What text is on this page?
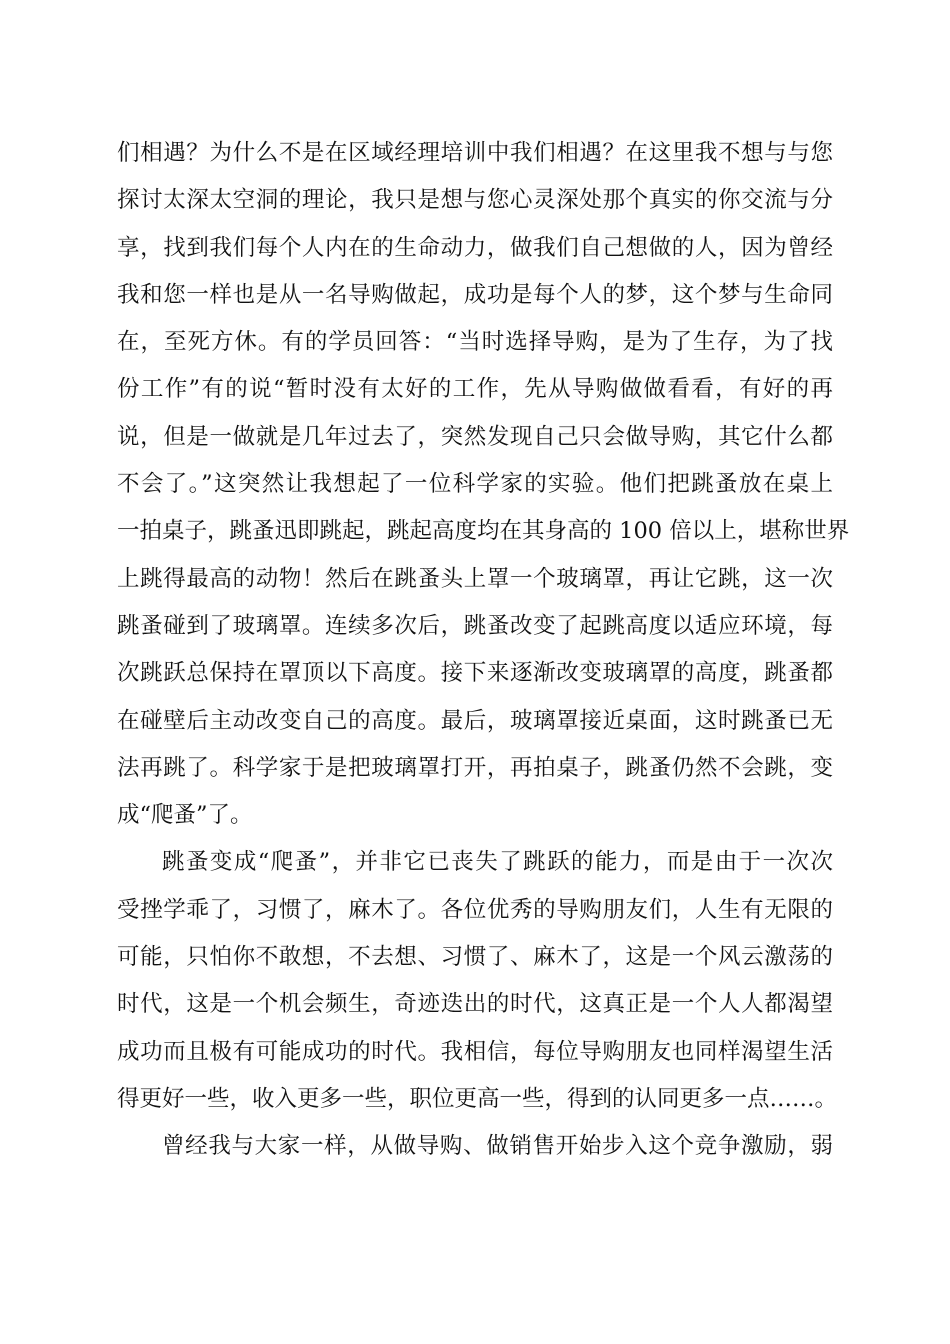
们相遇？为什么不是在区域经理培训中我们相遇？在这里我不想与与您
探讨太深太空洞的理论，我只是想与您心灵深处那个真实的你交流与分
享，找到我们每个人内在的生命动力，做我们自己想做的人，因为曾经
我和您一样也是从一名导购做起，成功是每个人的梦，这个梦与生命同
在，至死方休。有的学员回答：“当时选择导购，是为了生存，为了找
份工作”有的说“暂时没有太好的工作，先从导购做做看看，有好的再
说，但是一做就是几年过去了，突然发现自己只会做导购，其它什么都
不会了。”这突然让我想起了一位科学家的实验。他们把跳蚤放在桌上
一拍桌子，跳蚤迅即跳起，跳起高度均在其身高的 100 倍以上，堪称世界
上跳得最高的动物！然后在跳蚤头上罩一个玻璃罩，再让它跳，这一次
跳蚤碰到了玻璃罩。连续多次后，跳蚤改变了起跳高度以适应环境，每
次跳跃总保持在罩顶以下高度。接下来逐渐改变玻璃罩的高度，跳蚤都
在碰壁后主动改变自己的高度。最后，玻璃罩接近桌面，这时跳蚤已无
法再跳了。科学家于是把玻璃罩打开，再拍桌子，跳蚤仍然不会跳，变
成“爬蚤”了。
跳蚤变成“爬蚤”，并非它已丧失了跳跃的能力，而是由于一次次
受挫学乖了，习惯了，麻木了。各位优秀的导购朋友们，人生有无限的
可能，只怕你不敢想，不去想、习惯了、麻木了，这是一个风云激荡的
时代，这是一个机会频生，奇迹迭出的时代，这真正是一个人人都渴望
成功而且极有可能成功的时代。我相信，每位导购朋友也同样渴望生活
得更好一些，收入更多一些，职位更高一些，得到的认同更多一点……。
曾经我与大家一样，从做导购、做销售开始步入这个竞争激励，弱
